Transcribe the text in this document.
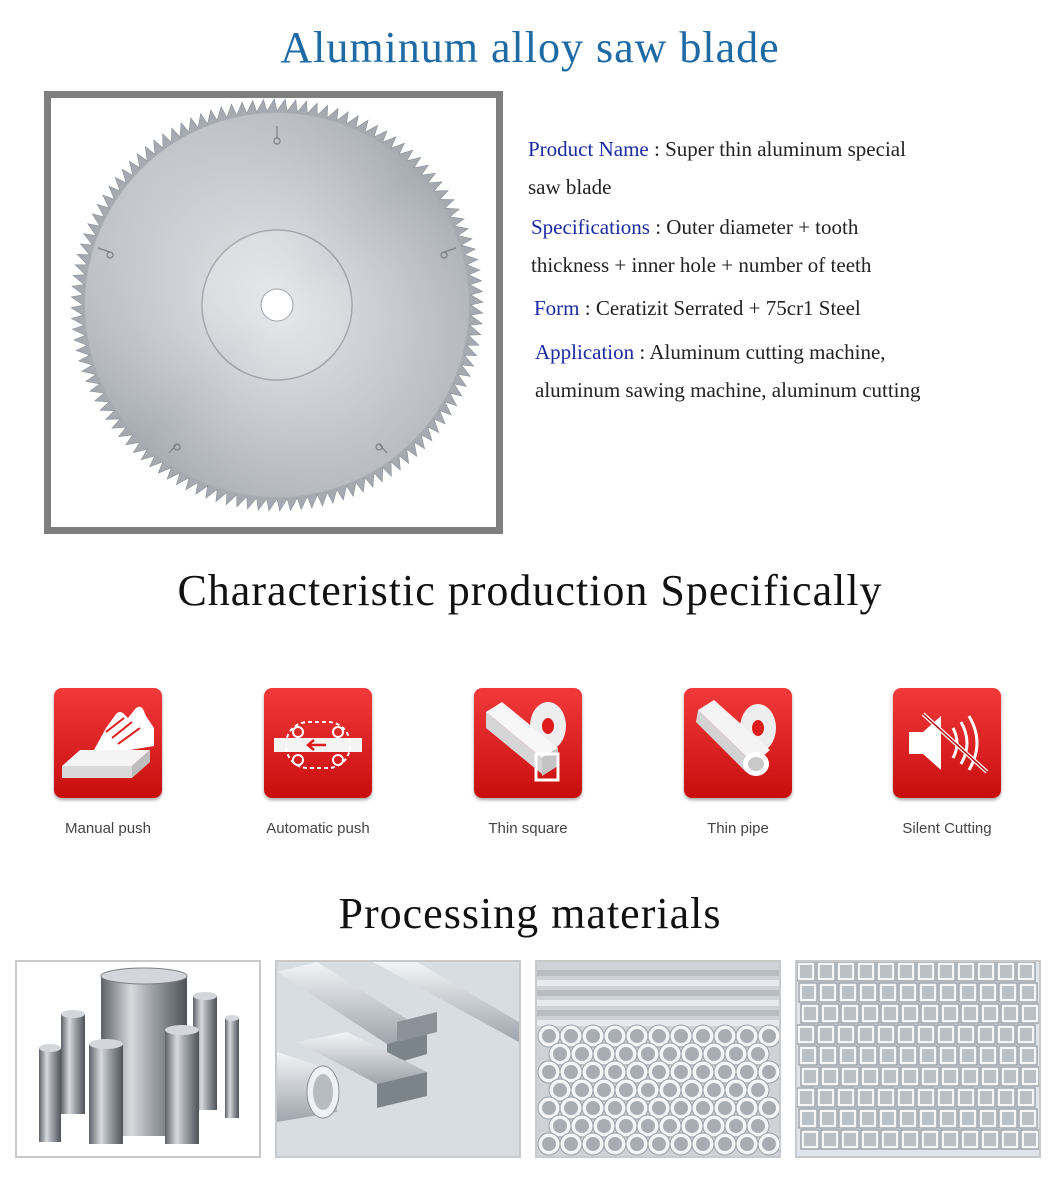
Aluminum alloy saw blade
Product Name : Super thin aluminum special
saw blade
Specifications : Outer diameter + tooth
thickness + inner hole + number of teeth
Form : Ceratizit Serrated + 75cr1 Steel
Application : Aluminum cutting machine,
aluminum sawing machine, aluminum cutting
Characteristic production Specifically
Manual push	Automatic push	Thin square	Thin pipe	Silent Cutting
Processing materials
